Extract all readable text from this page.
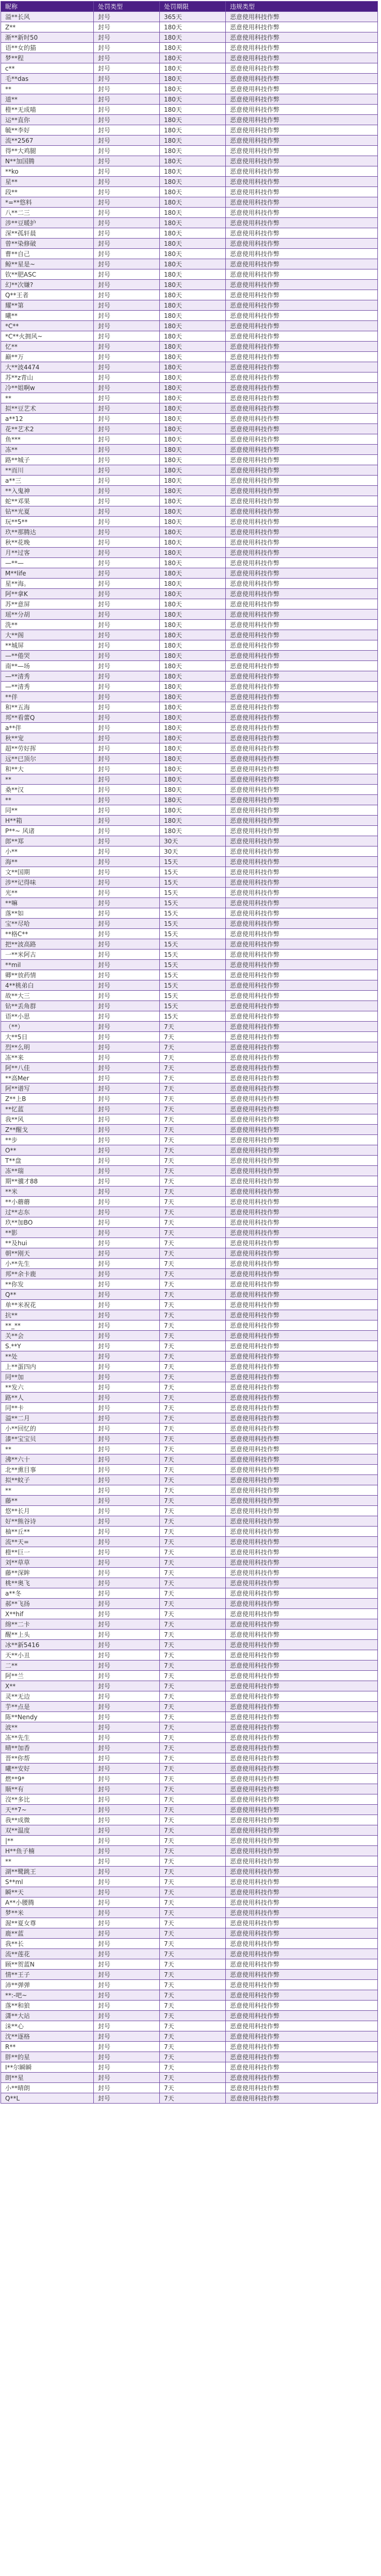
昵称	处罚类型	处罚期限	违规类型
溢**长风	封号	365天	恶意使用科技作弊
Z**	封号	180天	恶意使用科技作弊
渐**新时50	封号	180天	恶意使用科技作弊
语**女的猫	封号	180天	恶意使用科技作弊
梦**程	封号	180天	恶意使用科技作弊
c**	封号	180天	恶意使用科技作弊
毛**das	封号	180天	恶意使用科技作弊
**	封号	180天	恶意使用科技作弊
道**	封号	180天	恶意使用科技作弊
橙**无成喵	封号	180天	恶意使用科技作弊
运**直你	封号	180天	恶意使用科技作弊
毓**李好	封号	180天	恶意使用科技作弊
流**2567	封号	180天	恶意使用科技作弊
得**大鸡腿	封号	180天	恶意使用科技作弊
N**加国腾	封号	180天	恶意使用科技作弊
**ko	封号	180天	恶意使用科技作弊
星**	封号	180天	恶意使用科技作弊
段**	封号	180天	恶意使用科技作弊
*=**悠料	封号	180天	恶意使用科技作弊
八**二三	封号	180天	恶意使用科技作弊
涉**豆暖护	封号	180天	恶意使用科技作弊
深**孤轩晨	封号	180天	恶意使用科技作弊
曾**染修破	封号	180天	恶意使用科技作弊
曹**自己	封号	180天	恶意使用科技作弊
鲸**星是~	封号	180天	恶意使用科技作弊
钦**肥ASC	封号	180天	恶意使用科技作弊
幻**次嫌?	封号	180天	恶意使用科技作弊
Q**王者	封号	180天	恶意使用科技作弊
耀**第	封号	180天	恶意使用科技作弊
曦**	封号	180天	恶意使用科技作弊
*C**	封号	180天	恶意使用科技作弊
*C**火拥风~	封号	180天	恶意使用科技作弊
忆**	封号	180天	恶意使用科技作弊
巅**万	封号	180天	恶意使用科技作弊
大**波4474	封号	180天	恶意使用科技作弊
苏**z青山	封号	180天	恶意使用科技作弊
冷**姐啊w	封号	180天	恶意使用科技作弊
**	封号	180天	恶意使用科技作弊
拟**豆艺术	封号	180天	恶意使用科技作弊
a**12	封号	180天	恶意使用科技作弊
花**艺术2	封号	180天	恶意使用科技作弊
鱼***	封号	180天	恶意使用科技作弊
冻**	封号	180天	恶意使用科技作弊
路**城子	封号	180天	恶意使用科技作弊
**而川	封号	180天	恶意使用科技作弊
a**三	封号	180天	恶意使用科技作弊
**入鬼神	封号	180天	恶意使用科技作弊
蛇**邓果	封号	180天	恶意使用科技作弊
钻**光夏	封号	180天	恶意使用科技作弊
玩**5**	封号	180天	恶意使用科技作弊
玖**那腾达	封号	180天	恶意使用科技作弊
秋**花晚	封号	180天	恶意使用科技作弊
月**过客	封号	180天	恶意使用科技作弊
—**—	封号	180天	恶意使用科技作弊
M**life	封号	180天	恶意使用科技作弊
星**海。	封号	180天	恶意使用科技作弊
阿**拿K	封号	180天	恶意使用科技作弊
苏**意屏	封号	180天	恶意使用科技作弊
瑶**分胡	封号	180天	恶意使用科技作弊
洗**	封号	180天	恶意使用科技作弊
大**阁	封号	180天	恶意使用科技作弊
**城屏	封号	180天	恶意使用科技作弊
—**倦哭	封号	180天	恶意使用科技作弊
南**—场	封号	180天	恶意使用科技作弊
—**清秀	封号	180天	恶意使用科技作弊
—**清秀	封号	180天	恶意使用科技作弊
**伴	封号	180天	恶意使用科技作弊
和**五海	封号	180天	恶意使用科技作弊
邦**看蕾Q	封号	180天	恶意使用科技作弊
a**伴	封号	180天	恶意使用科技作弊
秋**宠	封号	180天	恶意使用科技作弊
超**劳好挥	封号	180天	恶意使用科技作弊
远**已顶尔	封号	180天	恶意使用科技作弊
和**大	封号	180天	恶意使用科技作弊
**	封号	180天	恶意使用科技作弊
桑**汉	封号	180天	恶意使用科技作弊
**	封号	180天	恶意使用科技作弊
同**	封号	180天	恶意使用科技作弊
H**箱	封号	180天	恶意使用科技作弊
P**~ 风诸	封号	180天	恶意使用科技作弊
郎**郑	封号	30天	恶意使用科技作弊
小**	封号	30天	恶意使用科技作弊
海**	封号	15天	恶意使用科技作弊
文**国期	封号	15天	恶意使用科技作弊
涉**记得味	封号	15天	恶意使用科技作弊
光**	封号	15天	恶意使用科技作弊
**嘛	封号	15天	恶意使用科技作弊
落**如	封号	15天	恶意使用科技作弊
宝**尽哈	封号	15天	恶意使用科技作弊
**格C**	封号	15天	恶意使用科技作弊
把**波高路	封号	15天	恶意使用科技作弊
一**米阿古	封号	15天	恶意使用科技作弊
**mil	封号	15天	恶意使用科技作弊
卿**放药情	封号	15天	恶意使用科技作弊
4**桃弟白	封号	15天	恶意使用科技作弊
故**大三	封号	15天	恶意使用科技作弊
钻**丢角群	封号	15天	恶意使用科技作弊
语**小思	封号	15天	恶意使用科技作弊
（**）	封号	7天	恶意使用科技作弊
大**5日	封号	7天	恶意使用科技作弊
烈**么明	封号	7天	恶意使用科技作弊
冻**来	封号	7天	恶意使用科技作弊
阿**八佳	封号	7天	恶意使用科技作弊
**高Mer	封号	7天	恶意使用科技作弊
阿**谱写	封号	7天	恶意使用科技作弊
Z**上B	封号	7天	恶意使用科技作弊
**忆蓝	封号	7天	恶意使用科技作弊
我**风	封号	7天	恶意使用科技作弊
Z**醒戈	封号	7天	恶意使用科技作弊
**步	封号	7天	恶意使用科技作弊
O**	封号	7天	恶意使用科技作弊
T**盘	封号	7天	恶意使用科技作弊
冻**瑞	封号	7天	恶意使用科技作弊
期**骥才88	封号	7天	恶意使用科技作弊
**米	封号	7天	恶意使用科技作弊
**小蘑蘑	封号	7天	恶意使用科技作弊
过**志东	封号	7天	恶意使用科技作弊
玖**加BO	封号	7天	恶意使用科技作弊
**影	封号	7天	恶意使用科技作弊
**及hui	封号	7天	恶意使用科技作弊
朝**刚天	封号	7天	恶意使用科技作弊
小**先生	封号	7天	恶意使用科技作弊
邦**余卡鹿	封号	7天	恶意使用科技作弊
**你发	封号	7天	恶意使用科技作弊
Q**	封号	7天	恶意使用科技作弊
单**米祝花	封号	7天	恶意使用科技作弊
抗**	封号	7天	恶意使用科技作弊
**_**	封号	7天	恶意使用科技作弊
关**会	封号	7天	恶意使用科技作弊
S.**Y	封号	7天	恶意使用科技作弊
**处	封号	7天	恶意使用科技作弊
上**蛋四内	封号	7天	恶意使用科技作弊
同**加	封号	7天	恶意使用科技作弊
**发六	封号	7天	恶意使用科技作弊
路**人	封号	7天	恶意使用科技作弊
同**卡	封号	7天	恶意使用科技作弊
溢**二月	封号	7天	恶意使用科技作弊
小**回忆的	封号	7天	恶意使用科技作弊
漆**宝宝贝	封号	7天	恶意使用科技作弊
**	封号	7天	恶意使用科技作弊
沸**六十	封号	7天	恶意使用科技作弊
北**熏目事	封号	7天	恶意使用科技作弊
拟**蚊子	封号	7天	恶意使用科技作弊
**	封号	7天	恶意使用科技作弊
藤**	封号	7天	恶意使用科技作弊
悠**长月	封号	7天	恶意使用科技作弊
好**熊谷诗	封号	7天	恶意使用科技作弊
柚**丘**	封号	7天	恶意使用科技作弊
流**天=	封号	7天	恶意使用科技作弊
橙**巨一	封号	7天	恶意使用科技作弊
刘**草草	封号	7天	恶意使用科技作弊
藤**深眸	封号	7天	恶意使用科技作弊
桃**奥飞	封号	7天	恶意使用科技作弊
a**冬	封号	7天	恶意使用科技作弊
郝**飞扬	封号	7天	恶意使用科技作弊
X**hif	封号	7天	恶意使用科技作弊
绵**二卡	封号	7天	恶意使用科技作弊
醒**上头	封号	7天	恶意使用科技作弊
冰**新5416	封号	7天	恶意使用科技作弊
天**小丑	封号	7天	恶意使用科技作弊
二**	封号	7天	恶意使用科技作弊
阿**兰	封号	7天	恶意使用科技作弊
X**	封号	7天	恶意使用科技作弊
灵**无边	封号	7天	恶意使用科技作弊
芋**点是	封号	7天	恶意使用科技作弊
陈**Nendy	封号	7天	恶意使用科技作弊
波**	封号	7天	恶意使用科技作弊
冻**先生	封号	7天	恶意使用科技作弊
晴**加香	封号	7天	恶意使用科技作弊
晋**你帮	封号	7天	恶意使用科技作弊
曦**安好	封号	7天	恶意使用科技作弊
燃**9*	封号	7天	恶意使用科技作弊
顺**有	封号	7天	恶意使用科技作弊
沒**多比	封号	7天	恶意使用科技作弊
天**7~	封号	7天	恶意使用科技作弊
我**成微	封号	7天	恶意使用科技作弊
双**温度	封号	7天	恶意使用科技作弊
|**	封号	7天	恶意使用科技作弊
H**鱼子楠	封号	7天	恶意使用科技作弊
**	封号	7天	恶意使用科技作弊
湖**鹭跳王	封号	7天	恶意使用科技作弊
S**ml	封号	7天	恶意使用科技作弊
瞬**天	封号	7天	恶意使用科技作弊
A**小腰腾	封号	7天	恶意使用科技作弊
梦**米	封号	7天	恶意使用科技作弊
渥**夏女尊	封号	7天	恶意使用科技作弊
鹿**蓝	封号	7天	恶意使用科技作弊
我**长	封号	7天	恶意使用科技作弊
流**莲花	封号	7天	恶意使用科技作弊
顾**贺蓝N	封号	7天	恶意使用科技作弊
情**王子	封号	7天	恶意使用科技作弊
沛**弹弹	封号	7天	恶意使用科技作弊
**:-吧~	封号	7天	恶意使用科技作弊
落**和狼	封号	7天	恶意使用科技作弊
潇**大站	封号	7天	恶意使用科技作弊
沫**心	封号	7天	恶意使用科技作弊
沈**逐格	封号	7天	恶意使用科技作弊
R**	封号	7天	恶意使用科技作弊
胖**的星	封号	7天	恶意使用科技作弊
I**尔瞬瞬	封号	7天	恶意使用科技作弊
朗**星	封号	7天	恶意使用科技作弊
小**晴朗	封号	7天	恶意使用科技作弊
Q**L	封号	7天	恶意使用科技作弊
